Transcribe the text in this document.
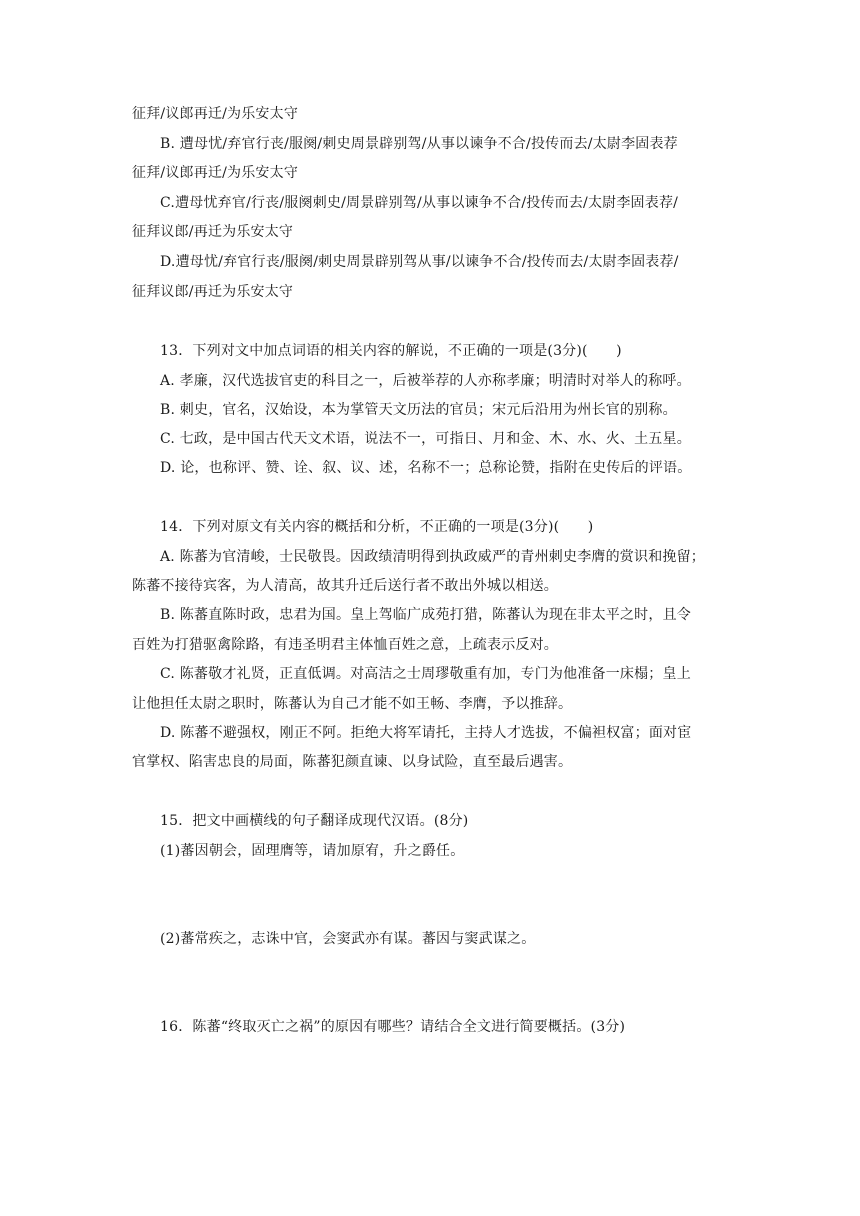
征拜/议郎再迁/为乐安太守
B. 遭母忧/弃官行丧/服阕/刺史周景辟别驾/从事以谏争不合/投传而去/太尉李固表荐
征拜/议郎再迁/为乐安太守
C.遭母忧弃官/行丧/服阕刺史/周景辟别驾/从事以谏争不合/投传而去/太尉李固表荐/
征拜议郎/再迁为乐安太守
D.遭母忧/弃官行丧/服阕/刺史周景辟别驾从事/以谏争不合/投传而去/太尉李固表荐/
征拜议郎/再迁为乐安太守
13．下列对文中加点词语的相关内容的解说，不正确的一项是(3分)(　　)
A. 孝廉，汉代选拔官吏的科目之一，后被举荐的人亦称孝廉；明清时对举人的称呼。
B. 刺史，官名，汉始设，本为掌管天文历法的官员；宋元后沿用为州长官的别称。
C. 七政，是中国古代天文术语，说法不一，可指日、月和金、木、水、火、土五星。
D. 论，也称评、赞、诠、叙、议、述，名称不一；总称论赞，指附在史传后的评语。
14．下列对原文有关内容的概括和分析，不正确的一项是(3分)(　　)
A. 陈蕃为官清峻，士民敬畏。因政绩清明得到执政威严的青州刺史李膺的赏识和挽留；
陈蕃不接待宾客，为人清高，故其升迁后送行者不敢出外城以相送。
B. 陈蕃直陈时政，忠君为国。皇上驾临广成苑打猎，陈蕃认为现在非太平之时，且令
百姓为打猎驱禽除路，有违圣明君主体恤百姓之意，上疏表示反对。
C. 陈蕃敬才礼贤，正直低调。对高洁之士周璆敬重有加，专门为他准备一床榻；皇上
让他担任太尉之职时，陈蕃认为自己才能不如王畅、李膺，予以推辞。
D. 陈蕃不避强权，刚正不阿。拒绝大将军请托，主持人才选拔，不偏袒权富；面对宦
官掌权、陷害忠良的局面，陈蕃犯颜直谏、以身试险，直至最后遇害。
15．把文中画横线的句子翻译成现代汉语。(8分)
(1)蕃因朝会，固理膺等，请加原宥，升之爵任。
(2)蕃常疾之，志诛中官，会窦武亦有谋。蕃因与窦武谋之。
16．陈蕃“终取灭亡之祸”的原因有哪些？请结合全文进行简要概括。(3分)
